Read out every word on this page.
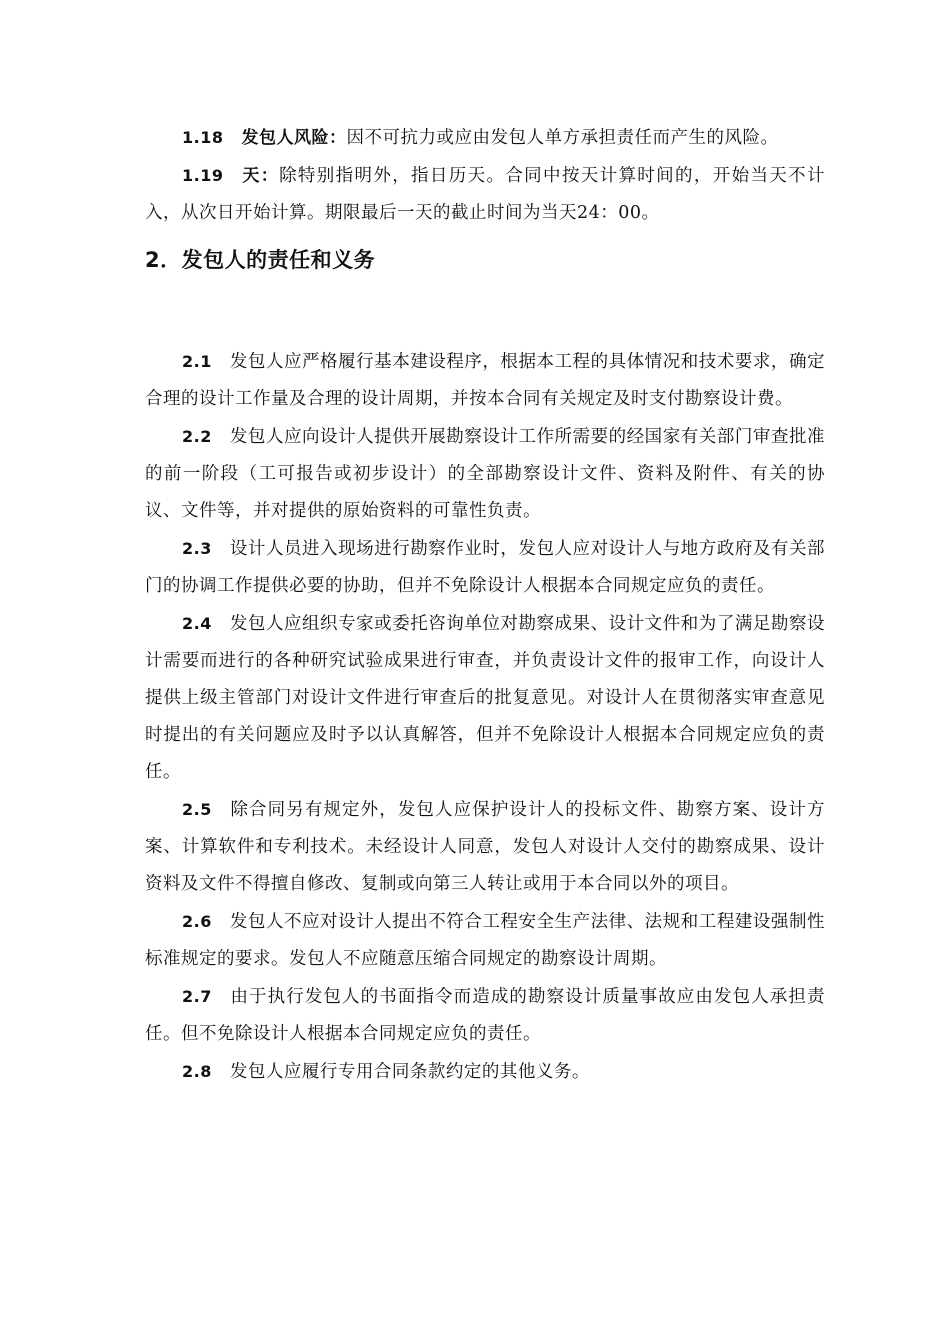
1.18 发包人风险：因不可抗力或应由发包人单方承担责任而产生的风险。

1.19 天：除特别指明外，指日历天。合同中按天计算时间的，开始当天不计入，从次日开始计算。期限最后一天的截止时间为当天24：00。

2．发包人的责任和义务

2.1 发包人应严格履行基本建设程序，根据本工程的具体情况和技术要求，确定合理的设计工作量及合理的设计周期，并按本合同有关规定及时支付勘察设计费。

2.2 发包人应向设计人提供开展勘察设计工作所需要的经国家有关部门审查批准的前一阶段（工可报告或初步设计）的全部勘察设计文件、资料及附件、有关的协议、文件等，并对提供的原始资料的可靠性负责。

2.3 设计人员进入现场进行勘察作业时，发包人应对设计人与地方政府及有关部门的协调工作提供必要的协助，但并不免除设计人根据本合同规定应负的责任。

2.4 发包人应组织专家或委托咨询单位对勘察成果、设计文件和为了满足勘察设计需要而进行的各种研究试验成果进行审查，并负责设计文件的报审工作，向设计人提供上级主管部门对设计文件进行审查后的批复意见。对设计人在贯彻落实审查意见时提出的有关问题应及时予以认真解答，但并不免除设计人根据本合同规定应负的责任。

2.5 除合同另有规定外，发包人应保护设计人的投标文件、勘察方案、设计方案、计算软件和专利技术。未经设计人同意，发包人对设计人交付的勘察成果、设计资料及文件不得擅自修改、复制或向第三人转让或用于本合同以外的项目。

2.6 发包人不应对设计人提出不符合工程安全生产法律、法规和工程建设强制性标准规定的要求。发包人不应随意压缩合同规定的勘察设计周期。

2.7 由于执行发包人的书面指令而造成的勘察设计质量事故应由发包人承担责任。但不免除设计人根据本合同规定应负的责任。

2.8 发包人应履行专用合同条款约定的其他义务。
